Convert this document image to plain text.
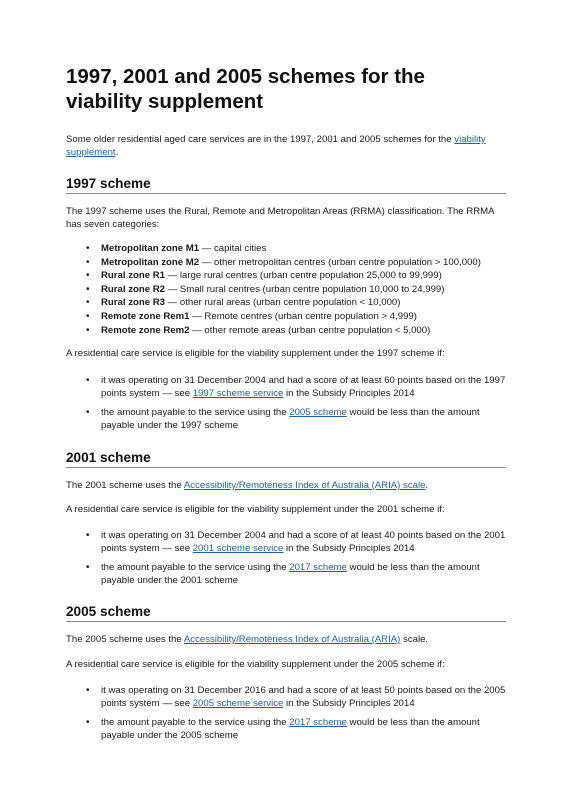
1997, 2001 and 2005 schemes for the viability supplement

Some older residential aged care services are in the 1997, 2001 and 2005 schemes for the viability supplement.

1997 scheme

The 1997 scheme uses the Rural, Remote and Metropolitan Areas (RRMA) classification. The RRMA has seven categories:

• Metropolitan zone M1 — capital cities
• Metropolitan zone M2 — other metropolitan centres (urban centre population > 100,000)
• Rural zone R1 — large rural centres (urban centre population 25,000 to 99,999)
• Rural zone R2 — Small rural centres (urban centre population 10,000 to 24,999)
• Rural zone R3 — other rural areas (urban centre population < 10,000)
• Remote zone Rem1 — Remote centres (urban centre population > 4,999)
• Remote zone Rem2 — other remote areas (urban centre population < 5,000)

A residential care service is eligible for the viability supplement under the 1997 scheme if:

• it was operating on 31 December 2004 and had a score of at least 60 points based on the 1997 points system — see 1997 scheme service in the Subsidy Principles 2014
• the amount payable to the service using the 2005 scheme would be less than the amount payable under the 1997 scheme
2001 scheme

The 2001 scheme uses the Accessibility/Remoteness Index of Australia (ARIA) scale.

A residential care service is eligible for the viability supplement under the 2001 scheme if:

• it was operating on 31 December 2004 and had a score of at least 40 points based on the 2001 points system — see 2001 scheme service in the Subsidy Principles 2014
• the amount payable to the service using the 2017 scheme would be less than the amount payable under the 2001 scheme
2005 scheme

The 2005 scheme uses the Accessibility/Remoteness Index of Australia (ARIA) scale.

A residential care service is eligible for the viability supplement under the 2005 scheme if:

• it was operating on 31 December 2016 and had a score of at least 50 points based on the 2005 points system — see 2005 scheme service in the Subsidy Principles 2014
• the amount payable to the service using the 2017 scheme would be less than the amount payable under the 2005 scheme
